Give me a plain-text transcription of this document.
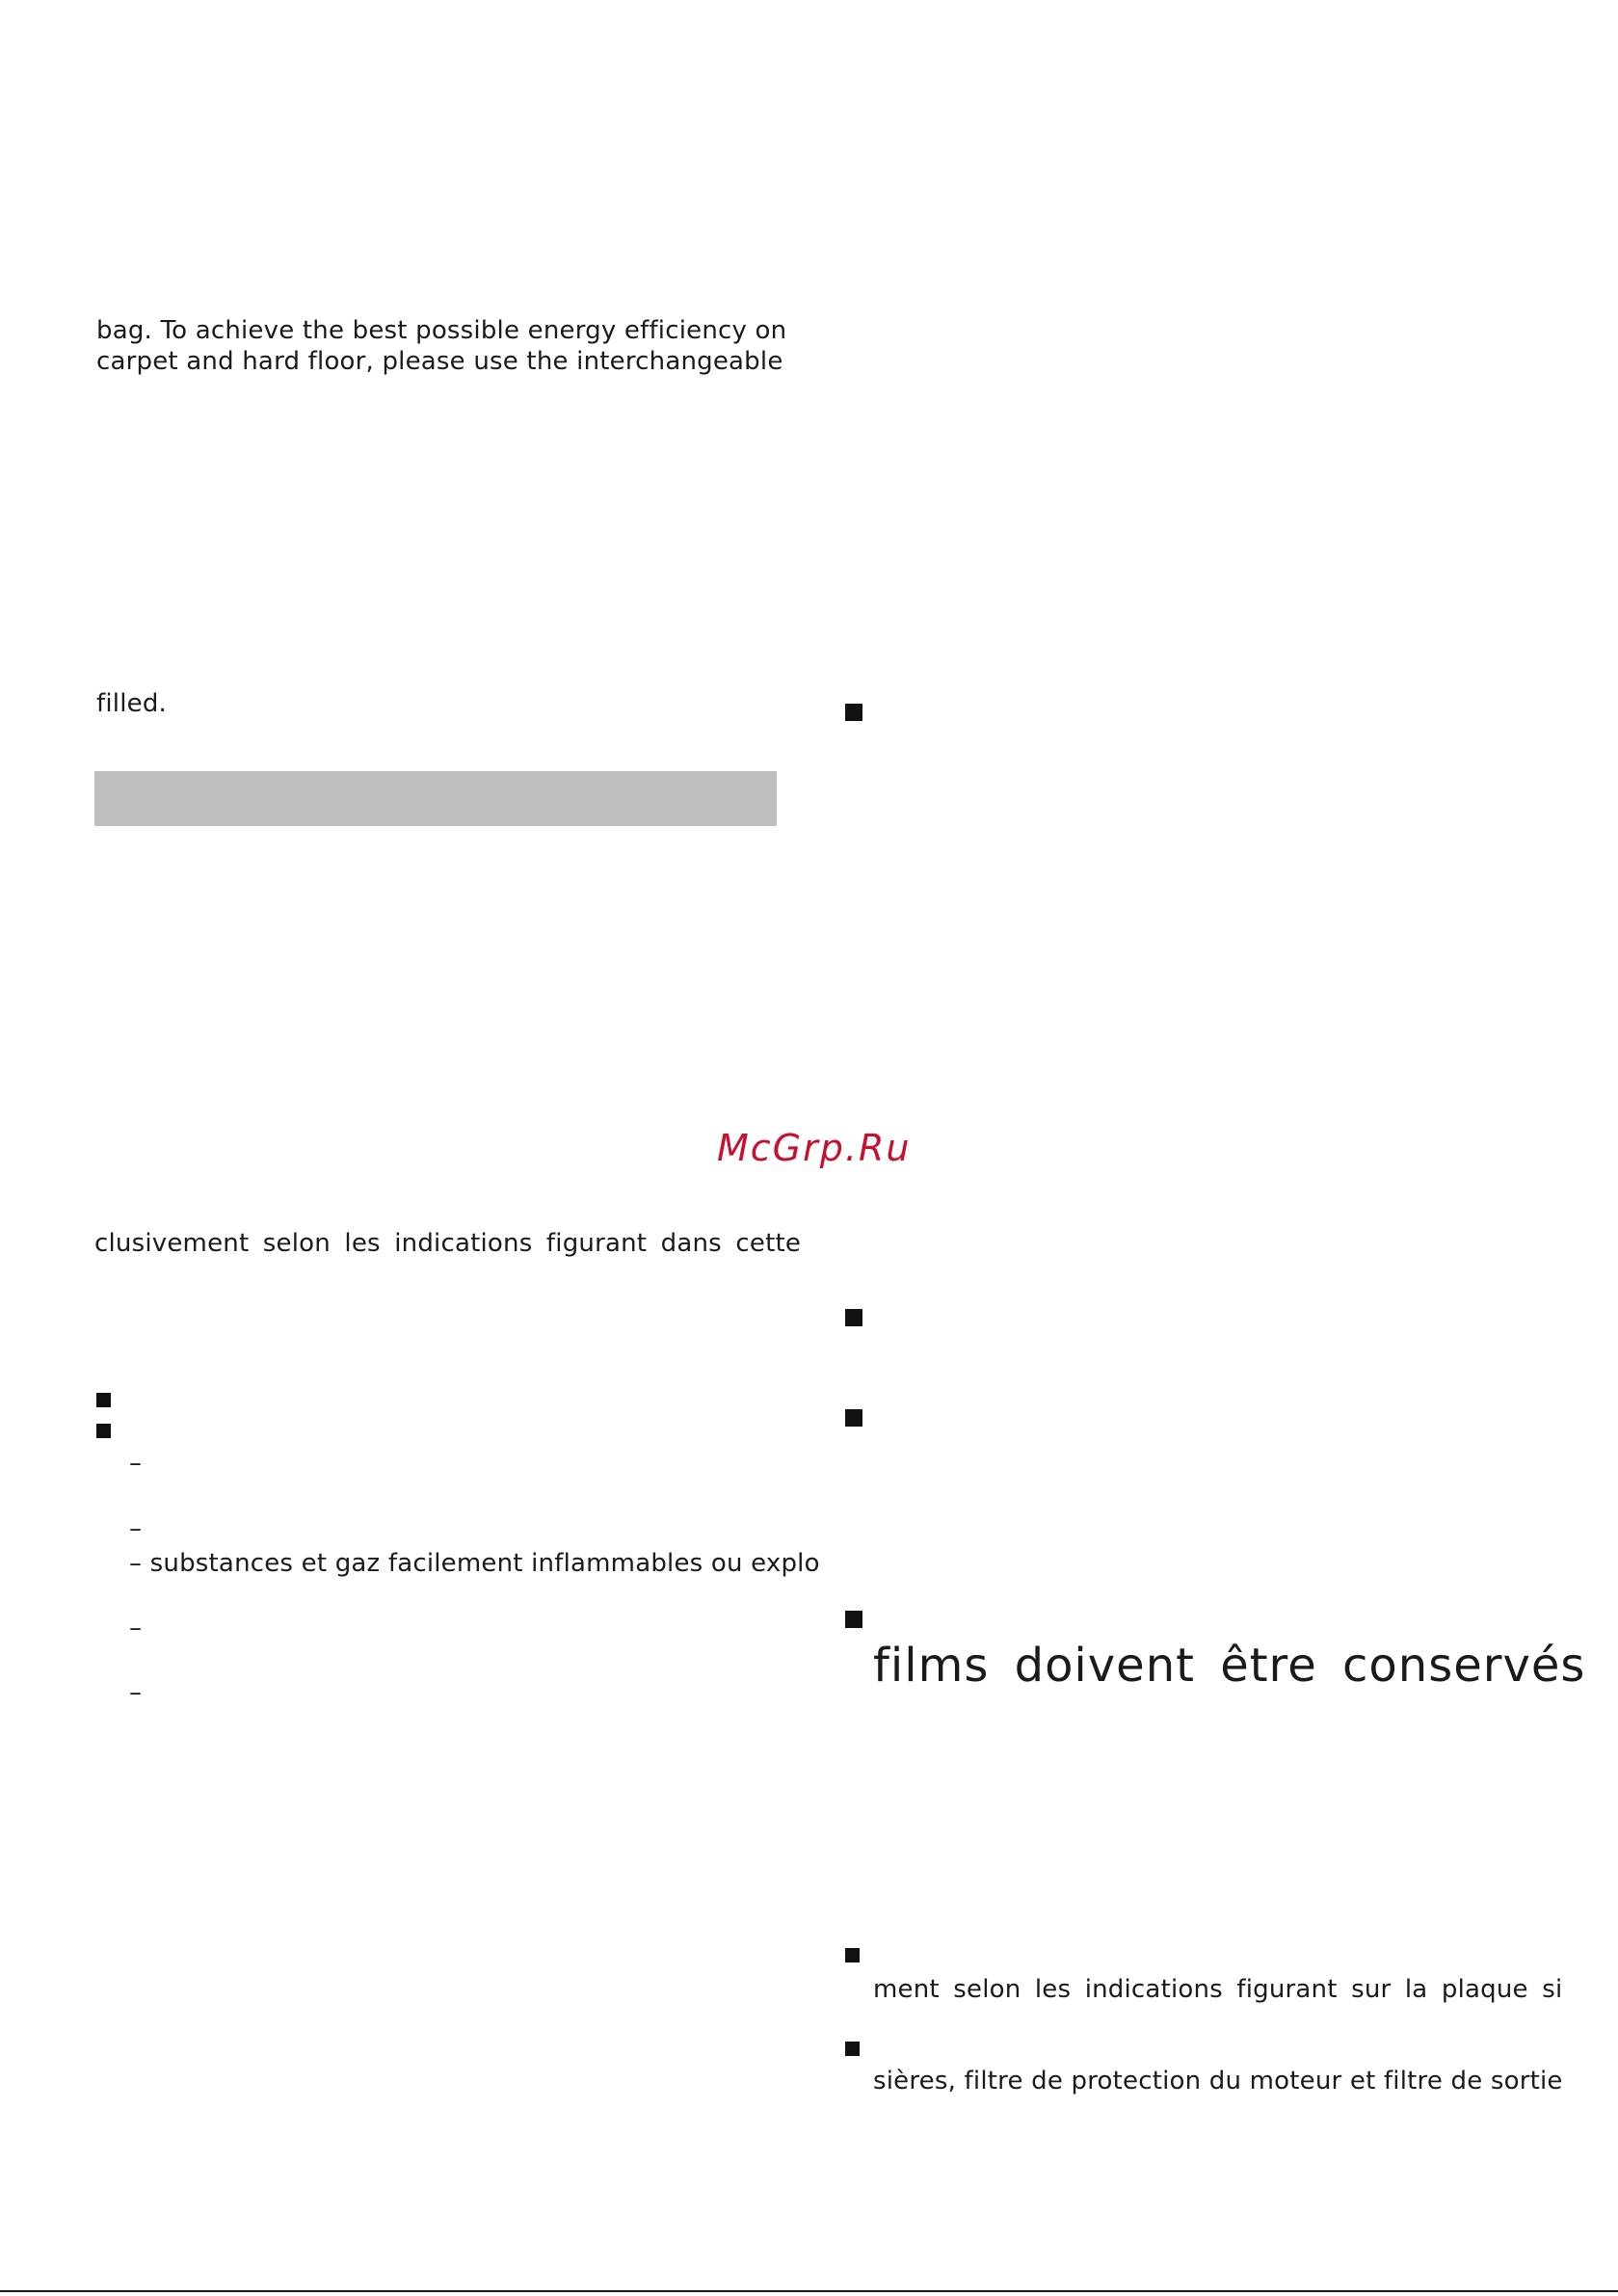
bag. To achieve the best possible energy efficiency on
carpet and hard floor, please use the interchangeable
filled.
clusivement selon les indications figurant dans cette
–
–
– substances et gaz facilement inflammables ou explo
–
–
McGrp.Ru
films doivent être conservés
ment selon les indications figurant sur la plaque si
sières, filtre de protection du moteur et filtre de sortie
